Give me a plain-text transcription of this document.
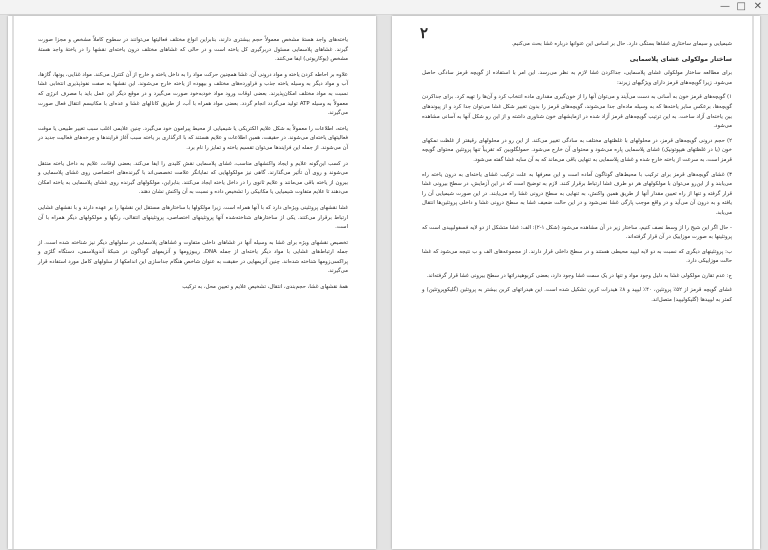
— □ ✕

یاخته‌های واجد هستهٔ مشخص معمولاً حجم بیشتری دارند، بنابراین انواع مختلف فعالیتها می‌توانند در سطوح کاملاً مشخص و مجزا صورت گیرند. غشاهای پلاسمایی مسئول دربرگیری کل یاخته است و در حالی که غشاهای مختلف درون یاخته‌ای نقشها را در یاختهٔ واجد هستهٔ مشخص (یوکاریوتی) ایفا می‌کنند.

علاوه بر احاطه کردن یاخته و مواد درونی آن، غشا همچنین حرکت مواد را به داخل یاخته و خارج از آن کنترل می‌کند. مواد غذایی، یونها، گازها، آب و مواد دیگر به وسیله یاخته جذب و فراورده‌های مختلف و بیهوده از یاخته خارج می‌شوند. این نقشها به صفت نفوذپذیری انتخابی غشا نسبت به مواد مختلف امکان‌پذیرند. بعضی اوقات ورود مواد خودبه‌خود صورت می‌گیرد و در موقع دیگر این عمل باید با مصرف انرژی که معمولاً به وسیله ATP تولید می‌گردد انجام گردد. بعضی مواد همراه با آب، از طریق کانالهای غشا و عده‌ای با مکانیسم انتقال فعال صورت می‌گیرند.

یاخته، اطلاعات را معمولاً به شکل علایم الکتریکی یا شیمیایی از محیط پیرامون خود می‌گیرد. چنین علایمی اغلب سبب تغییر طبیعی یا موقت فعالیتهای یاخته‌ای می‌شوند. در حقیقت، همین اطلاعات و علایم هستند که با اثرگذاری بر یاخته سبب آغاز فرایندها و چرخه‌های فعالیت جدید در آن می‌شوند. از جمله این فرایندها می‌توان تقسیم یاخته و تمایز را نام برد.

در کسب این‌گونه علایم و ایجاد واکنشهای مناسب، غشای پلاسمایی نقش کلیدی را ایفا می‌کند. بعضی اوقات، علایم به داخل یاخته منتقل می‌شوند و روی آن تأثیر می‌گذارند. گاهی نیز مولکولهایی که نمایانگر علامت تخصصی‌اند با گیرنده‌های اختصاصی روی غشای پلاسمایی و بیرون از یاخته باقی می‌مانند و علایم ثانوی را در داخل یاخته ایجاد می‌کنند. بنابراین، مولکولهای گیرنده روی غشای پلاسمایی به یاخته امکان می‌دهند تا علایم متفاوت شیمیایی یا مکانیکی را تشخیص داده و نسبت به آن واکنش نشان دهند.

غشا نقشهای پروتئینی ویژه‌ای دارد که با آنها همراه است. زیرا مولکولها با ساختارهای مستقل این نقشها را بر عهده دارند و با نقشهای غشایی ارتباط برقرار می‌کنند. یکی از ساختارهای شناخته‌شده آنها پروتئینهای اختصاصی، پروتئینهای انتقالی، رنگها و مولکولهای دیگر همراه با آن است.

تخصیص نقشهای ویژه برای غشا به وسیله آنها در غشاهای داخلی متفاوت و غشاهای پلاسمایی در سلولهای دیگر نیز شناخته شده است. از جمله ارتباط‌های غشایی با مواد دیگر یاخته‌ای از جمله DNA، ریبوزومها و آنزیمهای گوناگون در شبکهٔ آندوپلاسمی، دستگاه گلژی و پراکسی‌زومها شناخته شده‌اند. چنین آنزیمهایی در حقیقت به عنوان شاخص هنگام جداسازی این اندامکها از سلولهای کامل مورد استفاده قرار می‌گیرند.

همهٔ نقشهای غشا، حجم‌بندی، انتقال، تشخیص علایم و تعیین محل، به ترکیب

۲

شیمیایی و سیمای ساختاری غشاها بستگی دارد. حال بر اساس این عنوانها درباره غشا بحث می‌کنیم.

ساختار مولکولی غشای پلاسمایی

برای مطالعه ساختار مولکولی غشای پلاسمایی، جداکردن غشا لازم به نظر می‌رسد. این امر با استفاده از گویچه قرمز سادگی حاصل می‌شود. زیرا گویچه‌های قرمز دارای ویژگیهای زیرند:

۱) گویچه‌های قرمز خون به آسانی به دست می‌آیند و می‌توان آنها را از خون‌گیری مقداری ماده انتخاب کرد و آن‌ها را تهیه کرد. برای جداکردن گویچه‌ها، برعکس سایر یاخته‌ها که به وسیله ماده‌ای جدا می‌شوند، گویچه‌های قرمز را بدون تغییر شکل غشا می‌توان جدا کرد و از پیوندهای بین یاخته‌ای آزاد ساخت. به این ترتیب گویچه‌های قرمز آزاد شده در ازمایشهای خون شناوری داشته و از این رو شکل آنها به آسانی مشاهده می‌شود.

۲) حجم درونی گویچه‌های قرمز، در محلولهای با غلظتهای مختلف به سادگی تغییر می‌کند. از این رو در محلولهای رقیقتر از غلظت نمکهای خون (یا در غلظتهای هیپوتونیک) غشای پلاسمایی پاره می‌شود و محتوای آن خارج می‌شود. حمولگلوبین که تقریباً تنها پروتئین محتوای گویچه قرمز است، به سرعت از یاخته خارج شده و غشای پلاسمایی به تنهایی باقی می‌ماند که به آن سایه غشا گفته می‌شود.

۳) غشای گویچه‌های قرمز برای ترکیب با محیط‌های گوناگون آماده است و این معرفها به علت ترکیب غشای یاخته‌ای به درون یاخته راه می‌یابند و از این‌رو می‌توان با مولکولهای هر دو طرف غشا ارتباط برقرار کنند. لازم به توضیح است که در این آزمایش، در سطح بیرونی غشا قرار گرفته و تنها از راه تعیین مقدار آنها از طریق همین واکنش، به تنهایی به سطح درونی غشا راه می‌یابند. در این صورت شیمیایی آن را یافته و به درون آن می‌آید و در واقع موجب پارگی غشا نمی‌شود و در این حالت ضعیف غشا به سطح درونی غشا و داخلی پروتئین‌ها انتقال می‌یابد.

- حال اگر این شیح را از وسط نصف کنیم، ساختار زیر در آن مشاهده می‌شود (شکل ۱-۲): الف: غشا متشکل از دو لایه فسفولیپیدی است که پروتئینها به صورت موزاییک در آن قرار گرفته‌اند.

ب: پروتئینهای دیگری که نسبت به دو لایه لیپید محیطی هستند و در سطح داخلی قرار دارند. از مجموعه‌های الف و ب نتیجه می‌شود که غشا حالت موزاییکی دارد.

ج: عدم تقارن مولکولی غشا به دلیل وجود مواد و تنها در یک سمت غشا وجود دارد، بعضی کربوهیدراتها در سطح بیرونی غشا قرار گرفته‌اند.

غشای گویچه قرمز از ۵۲٪ پروتئین، ۴۰٪ لیپید و ۸٪ هیدرات کربن تشکیل شده است. این هیدراتهای کربن بیشتر به پروتئین (گلیکوپروتئین) و کمتر به لیپیدها (گلیکولیپید) متصل‌اند.
